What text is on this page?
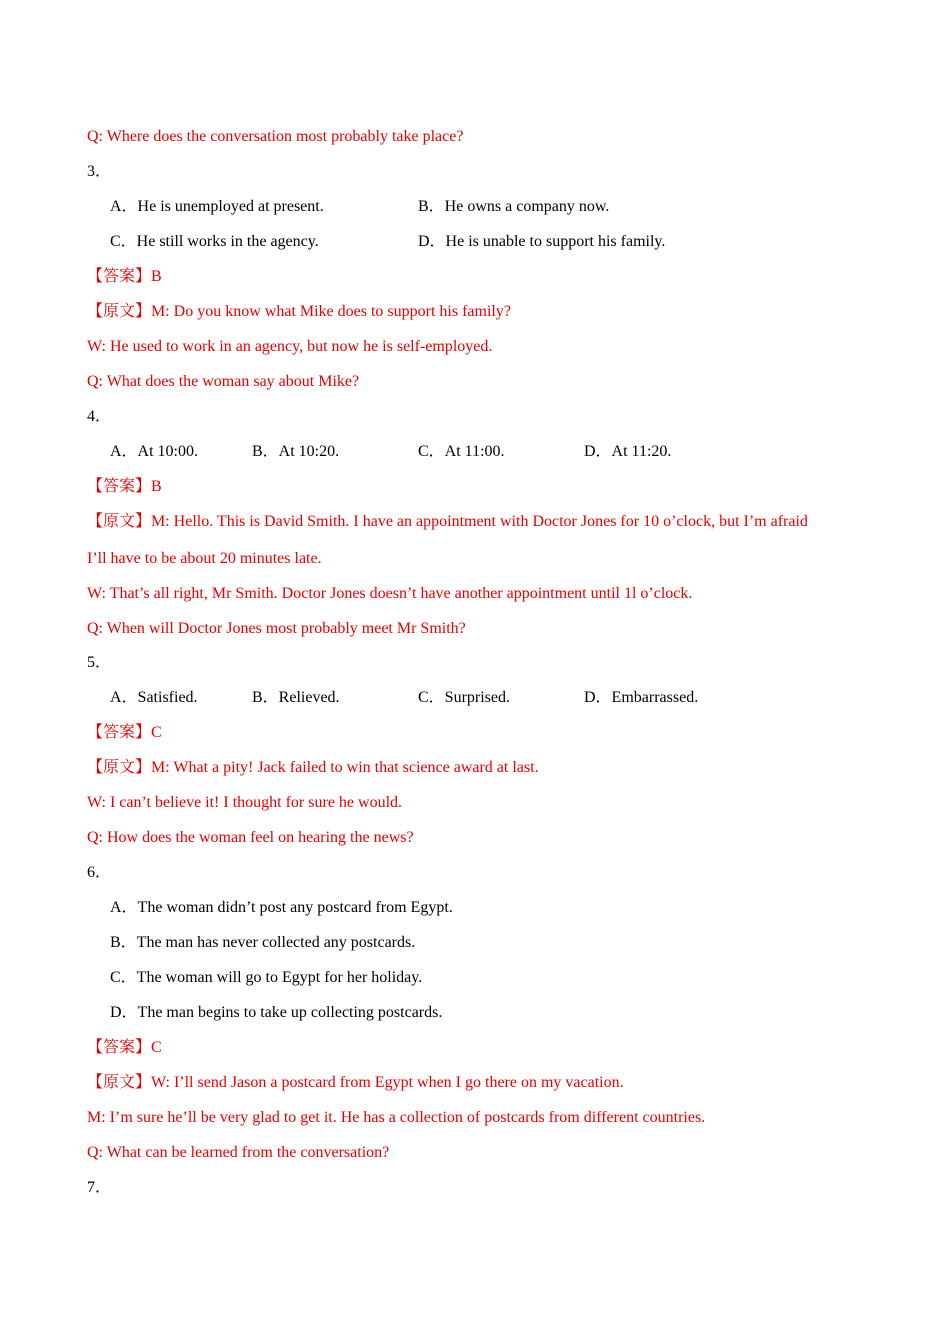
Q: Where does the conversation most probably take place?
3．
A．He is unemployed at present.	B．He owns a company now.
C．He still works in the agency.	D．He is unable to support his family.
【答案】B
【原文】M: Do you know what Mike does to support his family?
W: He used to work in an agency, but now he is self-employed.
Q: What does the woman say about Mike?
4．
A．At 10:00.	B．At 10:20.	C．At 11:00.	D．At 11:20.
【答案】B
【原文】M: Hello. This is David Smith. I have an appointment with Doctor Jones for 10 o’clock, but I’m afraid
I’ll have to be about 20 minutes late.
W: That’s all right, Mr Smith. Doctor Jones doesn’t have another appointment until 1l o’clock.
Q: When will Doctor Jones most probably meet Mr Smith?
5．
A．Satisfied.	B．Relieved.	C．Surprised.	D．Embarrassed.
【答案】C
【原文】M: What a pity! Jack failed to win that science award at last.
W: I can’t believe it! I thought for sure he would.
Q: How does the woman feel on hearing the news?
6．
A．The woman didn’t post any postcard from Egypt.
B．The man has never collected any postcards.
C．The woman will go to Egypt for her holiday.
D．The man begins to take up collecting postcards.
【答案】C
【原文】W: I’ll send Jason a postcard from Egypt when I go there on my vacation.
M: I’m sure he’ll be very glad to get it. He has a collection of postcards from different countries.
Q: What can be learned from the conversation?
7．
